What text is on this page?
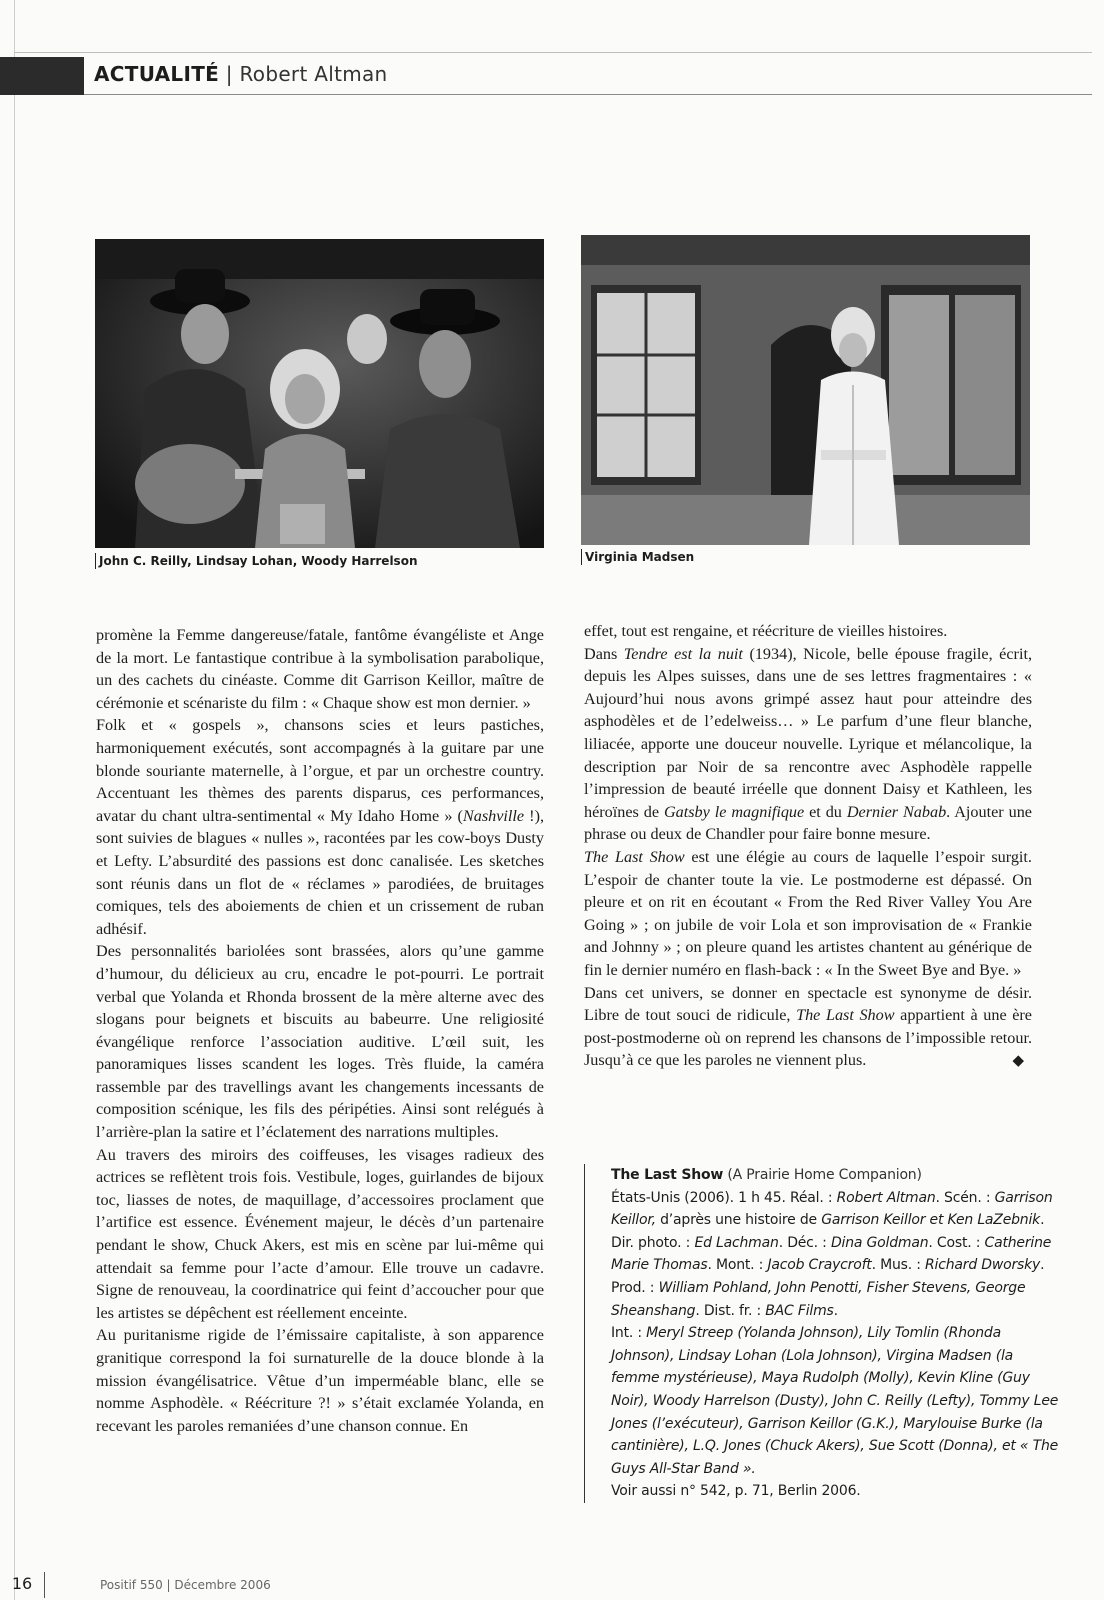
ACTUALITÉ | Robert Altman
John C. Reilly, Lindsay Lohan, Woody Harrelson	Virginia Madsen

promène la Femme dangereuse/fatale, fantôme évangéliste et Ange de la mort. Le fantastique contribue à la symbolisation parabolique, un des cachets du cinéaste. Comme dit Garrison Keillor, maître de cérémonie et scénariste du film : « Chaque show est mon dernier. »

Folk et « gospels », chansons scies et leurs pastiches, harmoniquement exécutés, sont accompagnés à la guitare par une blonde souriante maternelle, à l’orgue, et par un orchestre country. Accentuant les thèmes des parents disparus, ces performances, avatar du chant ultra-sentimental « My Idaho Home » (Nashville !), sont suivies de blagues « nulles », racontées par les cow-boys Dusty et Lefty. L’absurdité des passions est donc canalisée. Les sketches sont réunis dans un flot de « réclames » parodiées, de bruitages comiques, tels des aboiements de chien et un crissement de ruban adhésif.

Des personnalités bariolées sont brassées, alors qu’une gamme d’humour, du délicieux au cru, encadre le pot-pourri. Le portrait verbal que Yolanda et Rhonda brossent de la mère alterne avec des slogans pour beignets et biscuits au babeurre. Une religiosité évangélique renforce l’association auditive. L’œil suit, les panoramiques lisses scandent les loges. Très fluide, la caméra rassemble par des travellings avant les changements incessants de composition scénique, les fils des péripéties. Ainsi sont relégués à l’arrière-plan la satire et l’éclatement des narrations multiples.

Au travers des miroirs des coiffeuses, les visages radieux des actrices se reflètent trois fois. Vestibule, loges, guirlandes de bijoux toc, liasses de notes, de maquillage, d’accessoires proclament que l’artifice est essence. Événement majeur, le décès d’un partenaire pendant le show, Chuck Akers, est mis en scène par lui-même qui attendait sa femme pour l’acte d’amour. Elle trouve un cadavre. Signe de renouveau, la coordinatrice qui feint d’accoucher pour que les artistes se dépêchent est réellement enceinte.

Au puritanisme rigide de l’émissaire capitaliste, à son apparence granitique correspond la foi surnaturelle de la douce blonde à la mission évangélisatrice. Vêtue d’un imperméable blanc, elle se nomme Asphodèle. « Réécriture ?! » s’était exclamée Yolanda, en recevant les paroles remaniées d’une chanson connue. En

effet, tout est rengaine, et réécriture de vieilles histoires.

Dans Tendre est la nuit (1934), Nicole, belle épouse fragile, écrit, depuis les Alpes suisses, dans une de ses lettres fragmentaires : « Aujourd’hui nous avons grimpé assez haut pour atteindre des asphodèles et de l’edelweiss… » Le parfum d’une fleur blanche, liliacée, apporte une douceur nouvelle. Lyrique et mélancolique, la description par Noir de sa rencontre avec Asphodèle rappelle l’impression de beauté irréelle que donnent Daisy et Kathleen, les héroïnes de Gatsby le magnifique et du Dernier Nabab. Ajouter une phrase ou deux de Chandler pour faire bonne mesure.

The Last Show est une élégie au cours de laquelle l’espoir surgit. L’espoir de chanter toute la vie. Le postmoderne est dépassé. On pleure et on rit en écoutant « From the Red River Valley You Are Going » ; on jubile de voir Lola et son improvisation de « Frankie and Johnny » ; on pleure quand les artistes chantent au générique de fin le dernier numéro en flash-back : « In the Sweet Bye and Bye. »

Dans cet univers, se donner en spectacle est synonyme de désir. Libre de tout souci de ridicule, The Last Show appartient à une ère post-postmoderne où on reprend les chansons de l’impossible retour. Jusqu’à ce que les paroles ne viennent plus.	◆

The Last Show (A Prairie Home Companion)

États-Unis (2006). 1 h 45. Réal. : Robert Altman. Scén. : Garrison Keillor, d’après une histoire de Garrison Keillor et Ken LaZebnik. Dir. photo. : Ed Lachman. Déc. : Dina Goldman. Cost. : Catherine Marie Thomas. Mont. : Jacob Craycroft. Mus. : Richard Dworsky. Prod. : William Pohland, John Penotti, Fisher Stevens, George Sheanshang. Dist. fr. : BAC Films.

Int. : Meryl Streep (Yolanda Johnson), Lily Tomlin (Rhonda Johnson), Lindsay Lohan (Lola Johnson), Virgina Madsen (la femme mystérieuse), Maya Rudolph (Molly), Kevin Kline (Guy Noir), Woody Harrelson (Dusty), John C. Reilly (Lefty), Tommy Lee Jones (l’exécuteur), Garrison Keillor (G.K.), Marylouise Burke (la cantinière), L.Q. Jones (Chuck Akers), Sue Scott (Donna), et « The Guys All-Star Band ».

Voir aussi n° 542, p. 71, Berlin 2006.

16	Positif 550 | Décembre 2006
